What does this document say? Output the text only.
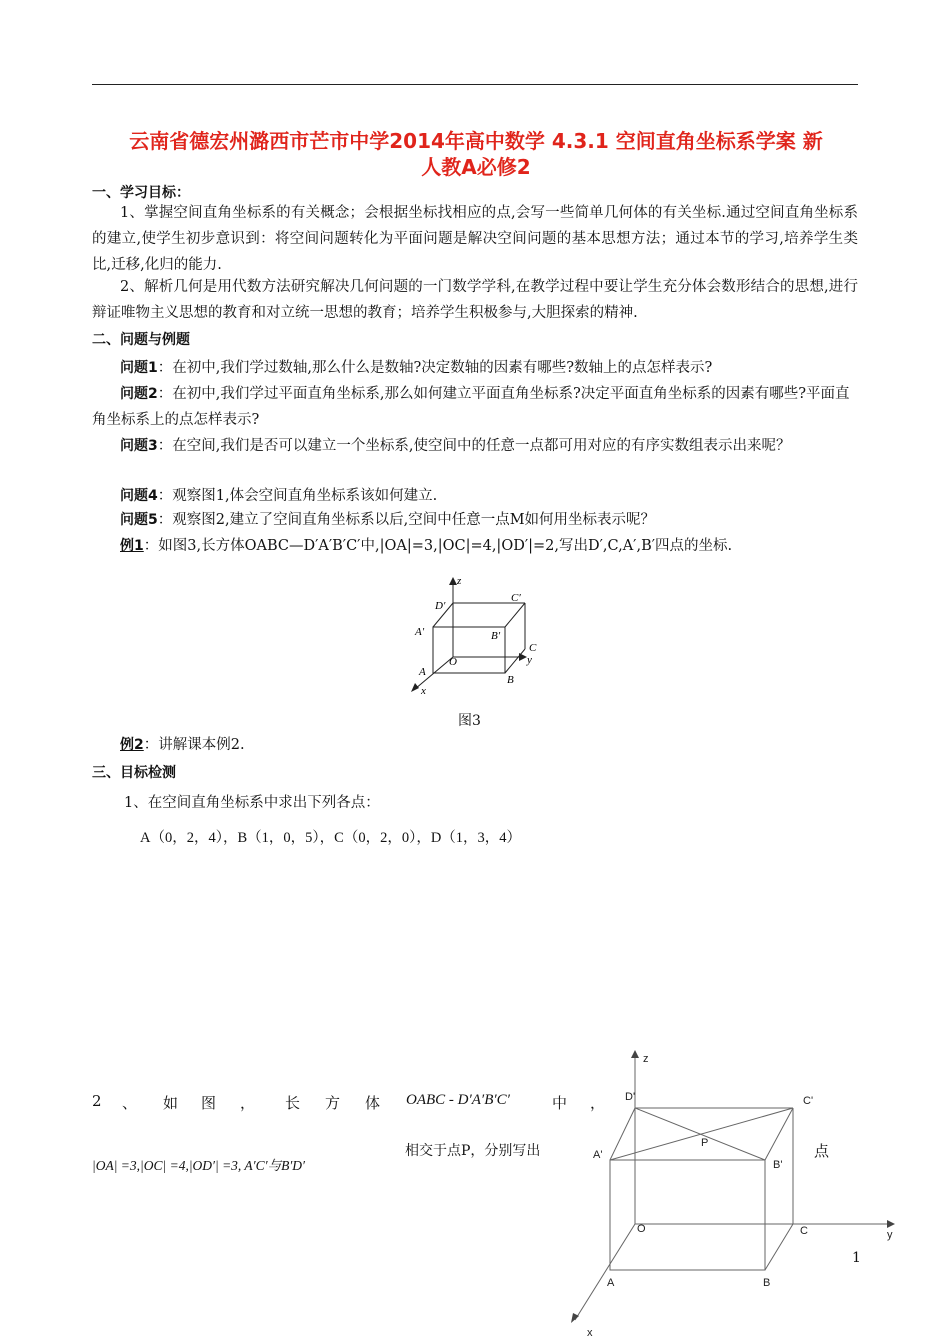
云南省德宏州潞西市芒市中学2014年高中数学 4.3.1 空间直角坐标系学案 新
人教A必修2
一、学习目标：
1、掌握空间直角坐标系的有关概念；会根据坐标找相应的点,会写一些简单几何体的有关坐标.通过空间直角坐标系的建立,使学生初步意识到：将空间问题转化为平面问题是解决空间问题的基本思想方法；通过本节的学习,培养学生类比,迁移,化归的能力.
2、解析几何是用代数方法研究解决几何问题的一门数学学科,在教学过程中要让学生充分体会数形结合的思想,进行辩证唯物主义思想的教育和对立统一思想的教育；培养学生积极参与,大胆探索的精神.
二、问题与例题
问题1：在初中,我们学过数轴,那么什么是数轴?决定数轴的因素有哪些?数轴上的点怎样表示?
问题2：在初中,我们学过平面直角坐标系,那么如何建立平面直角坐标系?决定平面直角坐标系的因素有哪些?平面直角坐标系上的点怎样表示?
问题3：在空间,我们是否可以建立一个坐标系,使空间中的任意一点都可用对应的有序实数组表示出来呢？
问题4：观察图1,体会空间直角坐标系该如何建立.
问题5：观察图2,建立了空间直角坐标系以后,空间中任意一点M如何用坐标表示呢？
例1：如图3,长方体OABC—D′A′B′C′中,|OA|=3,|OC|=4,|OD′|=2,写出D′,C,A′,B′四点的坐标.
z
y
x
O
A
B
C
D′
A′	B′
C′
图3
例2：讲解课本例2.
三、目标检测
1、在空间直角坐标系中求出下列各点：
A（0，2，4），B（1，0，5），C（0，2，0），D（1，3，4）
2 、 如 图 ， 长 方 体 OABC - D′A′B′C′	中 ，
|OA| =3,|OC| =4,|OD′| =3, A′C′与B′D′
相交于点P，分别写出	点
1
z
y
x
O
A	B
C
D'
A'
B'
C'
P
